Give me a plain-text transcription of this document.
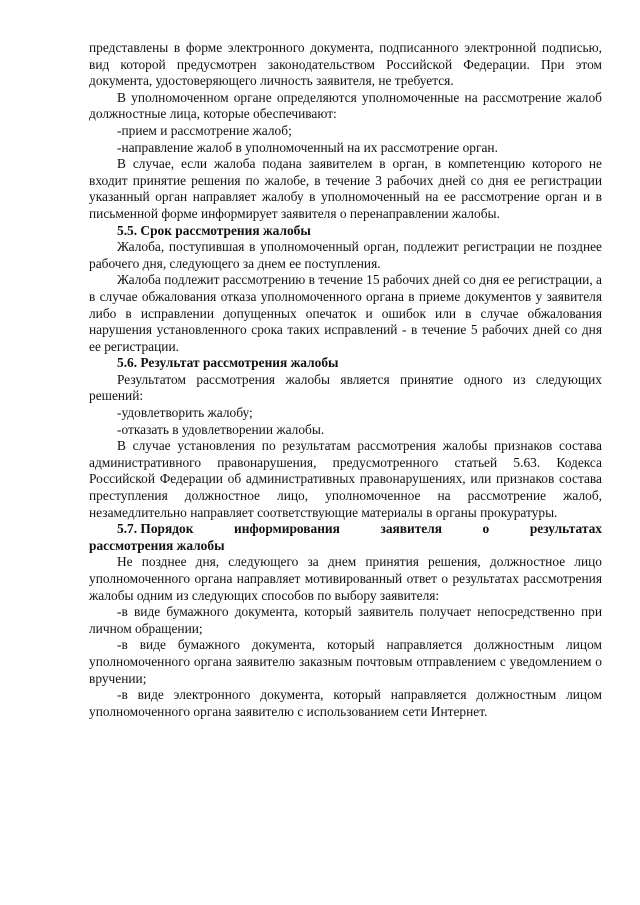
представлены в форме электронного документа, подписанного электронной подписью, вид которой предусмотрен законодательством Российской Федерации. При этом документа, удостоверяющего личность заявителя, не требуется.

В уполномоченном органе определяются уполномоченные на рассмотрение жалоб должностные лица, которые обеспечивают:

-прием и рассмотрение жалоб;

-направление жалоб в уполномоченный на их рассмотрение орган.

В случае, если жалоба подана заявителем в орган, в компетенцию которого не входит принятие решения по жалобе, в течение 3 рабочих дней со дня ее регистрации указанный орган направляет жалобу в уполномоченный на ее рассмотрение орган и в письменной форме информирует заявителя о перенаправлении жалобы.

5.5. Срок рассмотрения жалобы

Жалоба, поступившая в уполномоченный орган, подлежит регистрации не позднее рабочего дня, следующего за днем ее поступления.

Жалоба подлежит рассмотрению в течение 15 рабочих дней со дня ее регистрации, а в случае обжалования отказа уполномоченного органа в приеме документов у заявителя либо в исправлении допущенных опечаток и ошибок или в случае обжалования нарушения установленного срока таких исправлений - в течение 5 рабочих дней со дня ее регистрации.

5.6. Результат рассмотрения жалобы

Результатом рассмотрения жалобы является принятие одного из следующих решений:

-удовлетворить жалобу;

-отказать в удовлетворении жалобы.

В случае установления по результатам рассмотрения жалобы признаков состава административного правонарушения, предусмотренного статьей 5.63. Кодекса Российской Федерации об административных правонарушениях, или признаков состава преступления должностное лицо, уполномоченное на рассмотрение жалоб, незамедлительно направляет соответствующие материалы в органы прокуратуры.

5.7. Порядок	информирования	заявителя	о	результатах

рассмотрения жалобы

Не позднее дня, следующего за днем принятия решения, должностное лицо уполномоченного органа направляет мотивированный ответ о результатах рассмотрения жалобы одним из следующих способов по выбору заявителя:

-в виде бумажного документа, который заявитель получает непосредственно при личном обращении;

-в виде бумажного документа, который направляется должностным лицом уполномоченного органа заявителю заказным почтовым отправлением с уведомлением о вручении;

-в виде электронного документа, который направляется должностным лицом уполномоченного органа заявителю с использованием сети Интернет.
